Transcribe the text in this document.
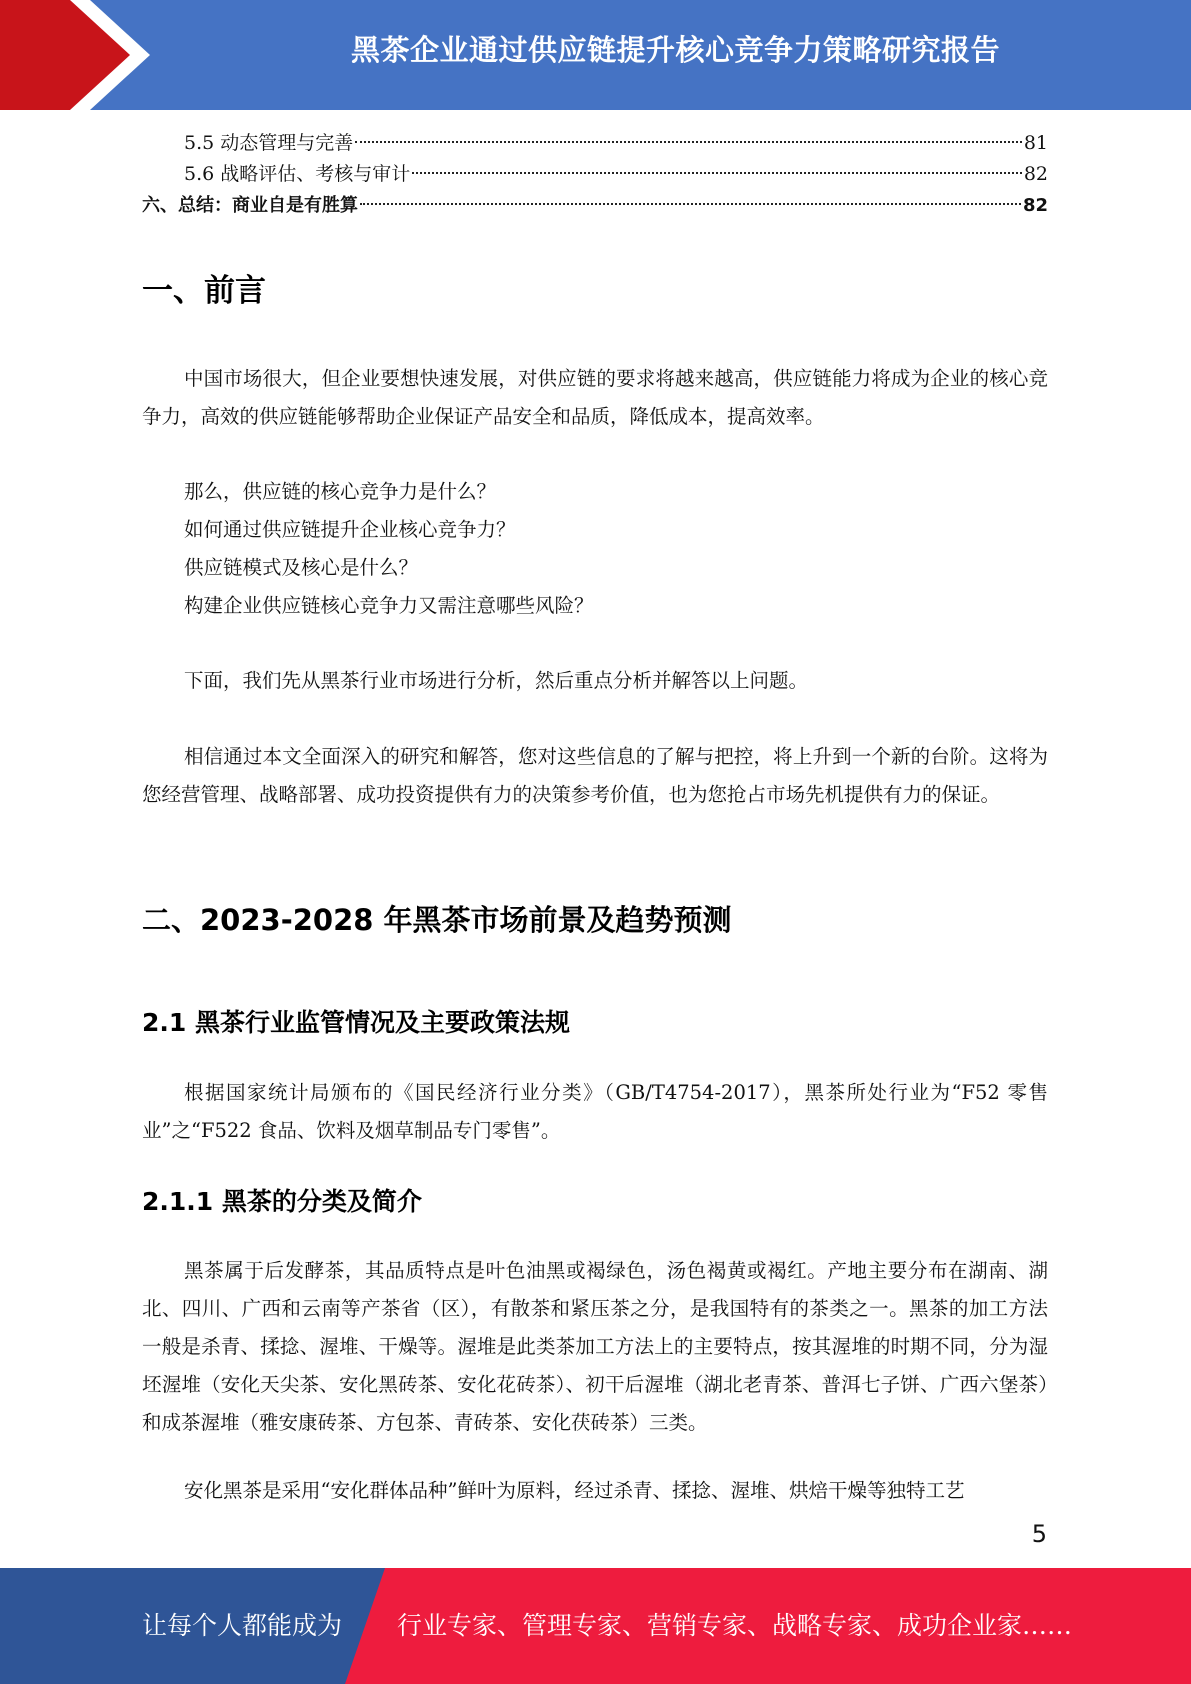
黑茶企业通过供应链提升核心竞争力策略研究报告
5.5 动态管理与完善	81
5.6 战略评估、考核与审计	82
六、总结：商业自是有胜算	82
一、前言

中国市场很大，但企业要想快速发展，对供应链的要求将越来越高，供应链能力将成为企业的核心竞争力，高效的供应链能够帮助企业保证产品安全和品质，降低成本，提高效率。

那么，供应链的核心竞争力是什么？

如何通过供应链提升企业核心竞争力？

供应链模式及核心是什么？

构建企业供应链核心竞争力又需注意哪些风险？

下面，我们先从黑茶行业市场进行分析，然后重点分析并解答以上问题。

相信通过本文全面深入的研究和解答，您对这些信息的了解与把控，将上升到一个新的台阶。这将为您经营管理、战略部署、成功投资提供有力的决策参考价值，也为您抢占市场先机提供有力的保证。

二、2023-2028 年黑茶市场前景及趋势预测
2.1 黑茶行业监管情况及主要政策法规

根据国家统计局颁布的《国民经济行业分类》（GB/T4754-2017），黑茶所处行业为“F52 零售业”之“F522 食品、饮料及烟草制品专门零售”。

2.1.1 黑茶的分类及简介

黑茶属于后发酵茶，其品质特点是叶色油黑或褐绿色，汤色褐黄或褐红。产地主要分布在湖南、湖北、四川、广西和云南等产茶省（区），有散茶和紧压茶之分，是我国特有的茶类之一。黑茶的加工方法一般是杀青、揉捻、渥堆、干燥等。渥堆是此类茶加工方法上的主要特点，按其渥堆的时期不同，分为湿坯渥堆（安化天尖茶、安化黑砖茶、安化花砖茶）、初干后渥堆（湖北老青茶、普洱七子饼、广西六堡茶）和成茶渥堆（雅安康砖茶、方包茶、青砖茶、安化茯砖茶）三类。

安化黑茶是采用“安化群体品种”鲜叶为原料，经过杀青、揉捻、渥堆、烘焙干燥等独特工艺

5
让每个人都能成为 行业专家、管理专家、营销专家、战略专家、成功企业家……
